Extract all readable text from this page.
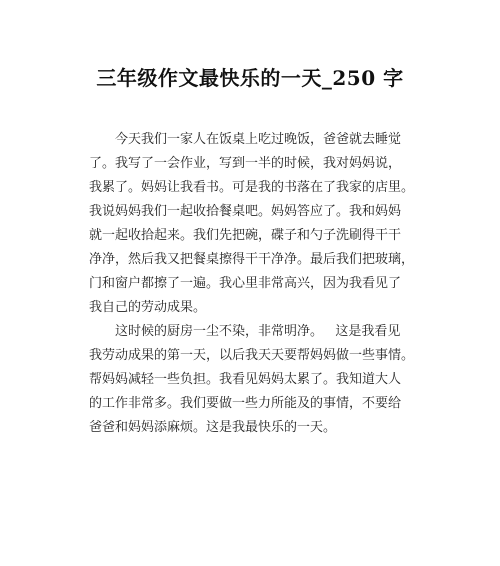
三年级作文最快乐的一天_250 字
今天我们一家人在饭桌上吃过晚饭，爸爸就去睡觉
了。我写了一会作业，写到一半的时候，我对妈妈说，
我累了。妈妈让我看书。可是我的书落在了我家的店里。
我说妈妈我们一起收拾餐桌吧。妈妈答应了。我和妈妈
就一起收拾起来。我们先把碗，碟子和勺子洗刷得干干
净净，然后我又把餐桌擦得干干净净。最后我们把玻璃，
门和窗户都擦了一遍。我心里非常高兴，因为我看见了
我自己的劳动成果。
这时候的厨房一尘不染，非常明净。   这是我看见
我劳动成果的第一天，以后我天天要帮妈妈做一些事情。
帮妈妈减轻一些负担。我看见妈妈太累了。我知道大人
的工作非常多。我们要做一些力所能及的事情，不要给
爸爸和妈妈添麻烦。这是我最快乐的一天。
